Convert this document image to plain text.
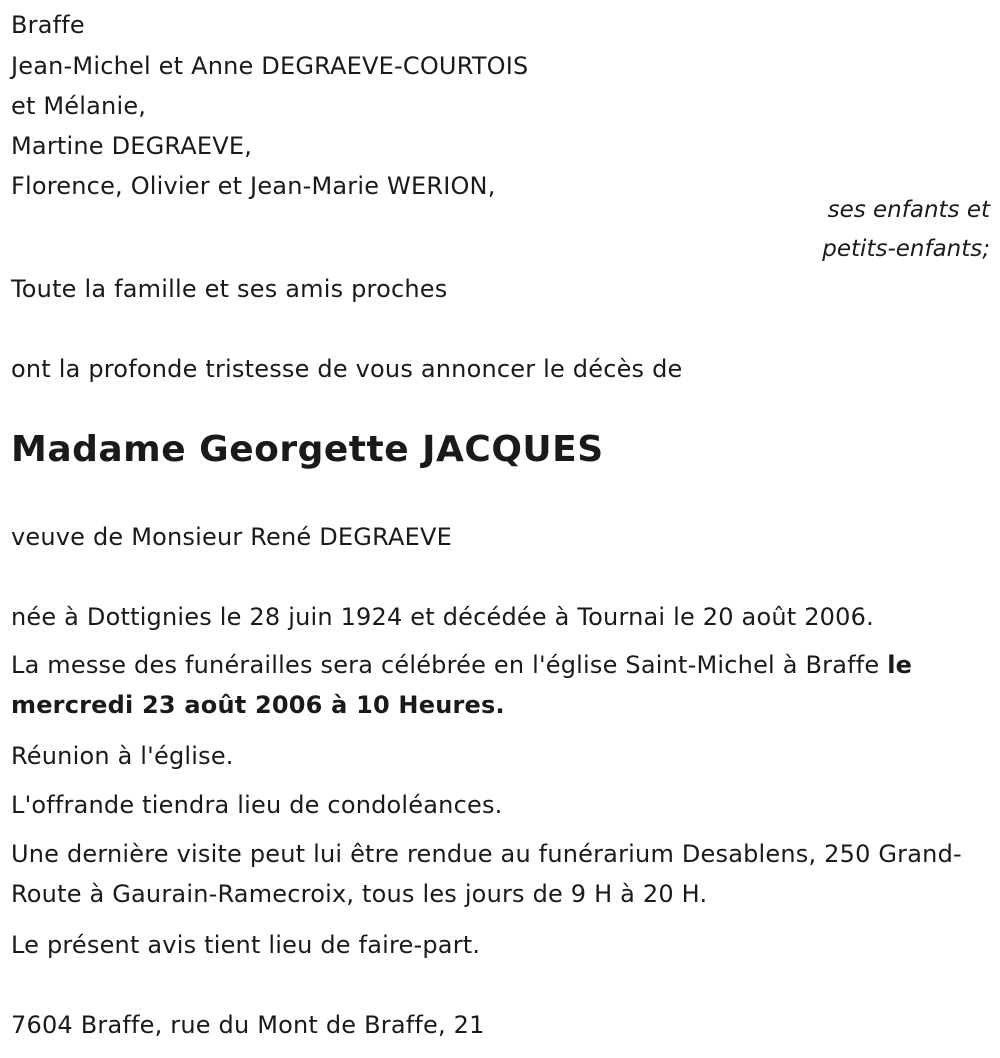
Braffe
Jean-Michel et Anne DEGRAEVE-COURTOIS
et Mélanie,
Martine DEGRAEVE,
Florence, Olivier et Jean-Marie WERION,
ses enfants et
petits-enfants;
Toute la famille et ses amis proches
ont la profonde tristesse de vous annoncer le décès de
Madame Georgette JACQUES
veuve de Monsieur René DEGRAEVE
née à Dottignies le 28 juin 1924 et décédée à Tournai le 20 août 2006.
La messe des funérailles sera célébrée en l'église Saint-Michel à Braffe le mercredi 23 août 2006 à 10 Heures.
Réunion à l'église.
L'offrande tiendra lieu de condoléances.
Une dernière visite peut lui être rendue au funérarium Desablens, 250 Grand-Route à Gaurain-Ramecroix, tous les jours de 9 H à 20 H.
Le présent avis tient lieu de faire-part.
7604 Braffe, rue du Mont de Braffe, 21
